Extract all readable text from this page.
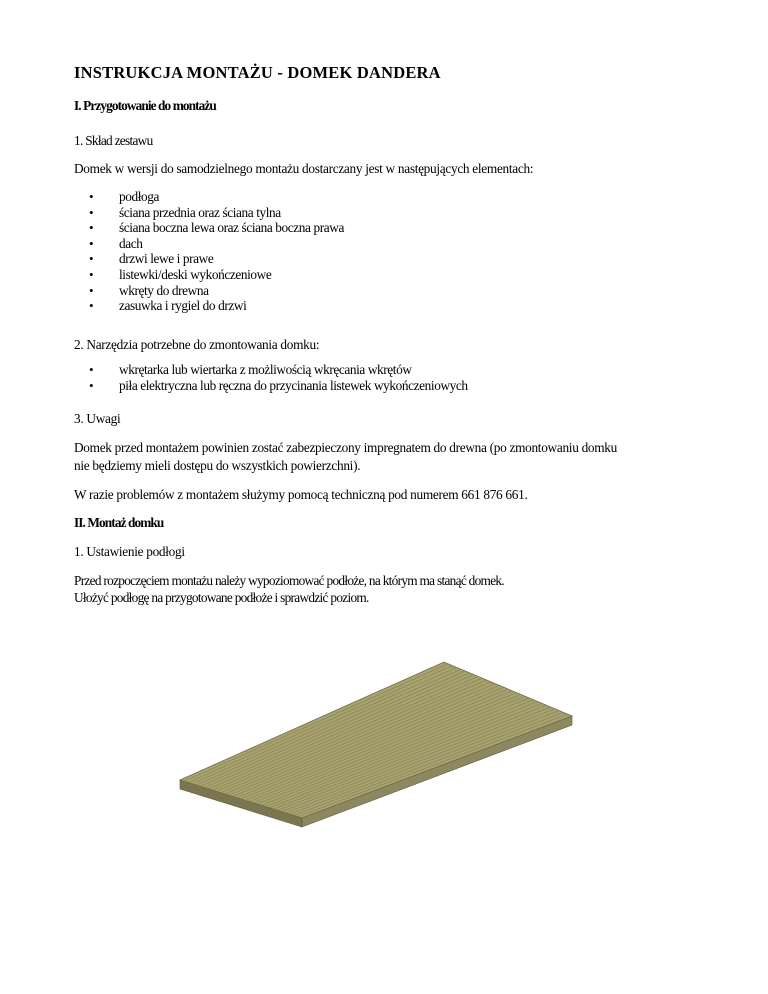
INSTRUKCJA MONTAŻU - DOMEK DANDERA

I. Przygotowanie do montażu

1. Skład zestawu

Domek w wersji do samodzielnego montażu dostarczany jest w następujących elementach:

• podłoga
• ściana przednia oraz ściana tylna
• ściana boczna lewa oraz ściana boczna prawa
• dach
• drzwi lewe i prawe
• listewki/deski wykończeniowe
• wkręty do drewna
• zasuwka i rygiel do drzwi

2. Narzędzia potrzebne do zmontowania domku:

• wkrętarka lub wiertarka z możliwością wkręcania wkrętów
• piła elektryczna lub ręczna do przycinania listewek wykończeniowych

3. Uwagi

Domek przed montażem powinien zostać zabezpieczony impregnatem do drewna (po zmontowaniu domku

nie będziemy mieli dostępu do wszystkich powierzchni).

W razie problemów z montażem służymy pomocą techniczną pod numerem 661 876 661.

II. Montaż domku

1. Ustawienie podłogi

Przed rozpoczęciem montażu należy wypoziomować podłoże, na którym ma stanąć domek.

Ułożyć podłogę na przygotowane podłoże i sprawdzić poziom.
